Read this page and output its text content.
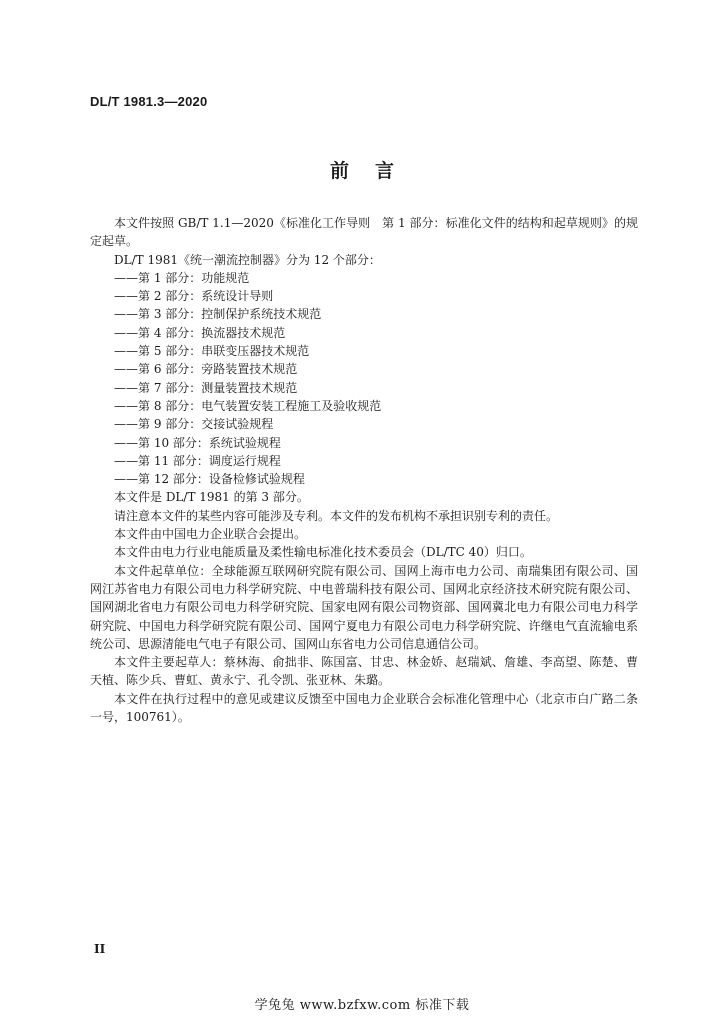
DL/T 1981.3—2020
前言

本文件按照 GB/T 1.1—2020《标准化工作导则　第 1 部分：标准化文件的结构和起草规则》的规定起草。

DL/T 1981《统一潮流控制器》分为 12 个部分：

——第 1 部分：功能规范
——第 2 部分：系统设计导则
——第 3 部分：控制保护系统技术规范
——第 4 部分：换流器技术规范
——第 5 部分：串联变压器技术规范
——第 6 部分：旁路装置技术规范
——第 7 部分：测量装置技术规范
——第 8 部分：电气装置安装工程施工及验收规范
——第 9 部分：交接试验规程
——第 10 部分：系统试验规程
——第 11 部分：调度运行规程
——第 12 部分：设备检修试验规程

本文件是 DL/T 1981 的第 3 部分。

请注意本文件的某些内容可能涉及专利。本文件的发布机构不承担识别专利的责任。

本文件由中国电力企业联合会提出。

本文件由电力行业电能质量及柔性输电标准化技术委员会（DL/TC 40）归口。

本文件起草单位：全球能源互联网研究院有限公司、国网上海市电力公司、南瑞集团有限公司、国网江苏省电力有限公司电力科学研究院、中电普瑞科技有限公司、国网北京经济技术研究院有限公司、国网湖北省电力有限公司电力科学研究院、国家电网有限公司物资部、国网冀北电力有限公司电力科学研究院、中国电力科学研究院有限公司、国网宁夏电力有限公司电力科学研究院、许继电气直流输电系统公司、思源清能电气电子有限公司、国网山东省电力公司信息通信公司。

本文件主要起草人：蔡林海、俞拙非、陈国富、甘忠、林金娇、赵瑞斌、詹雄、李高望、陈楚、曹天植、陈少兵、曹虹、黄永宁、孔令凯、张亚林、朱璐。

本文件在执行过程中的意见或建议反馈至中国电力企业联合会标准化管理中心（北京市白广路二条一号，100761）。

II
学兔兔 www.bzfxw.com 标准下载
